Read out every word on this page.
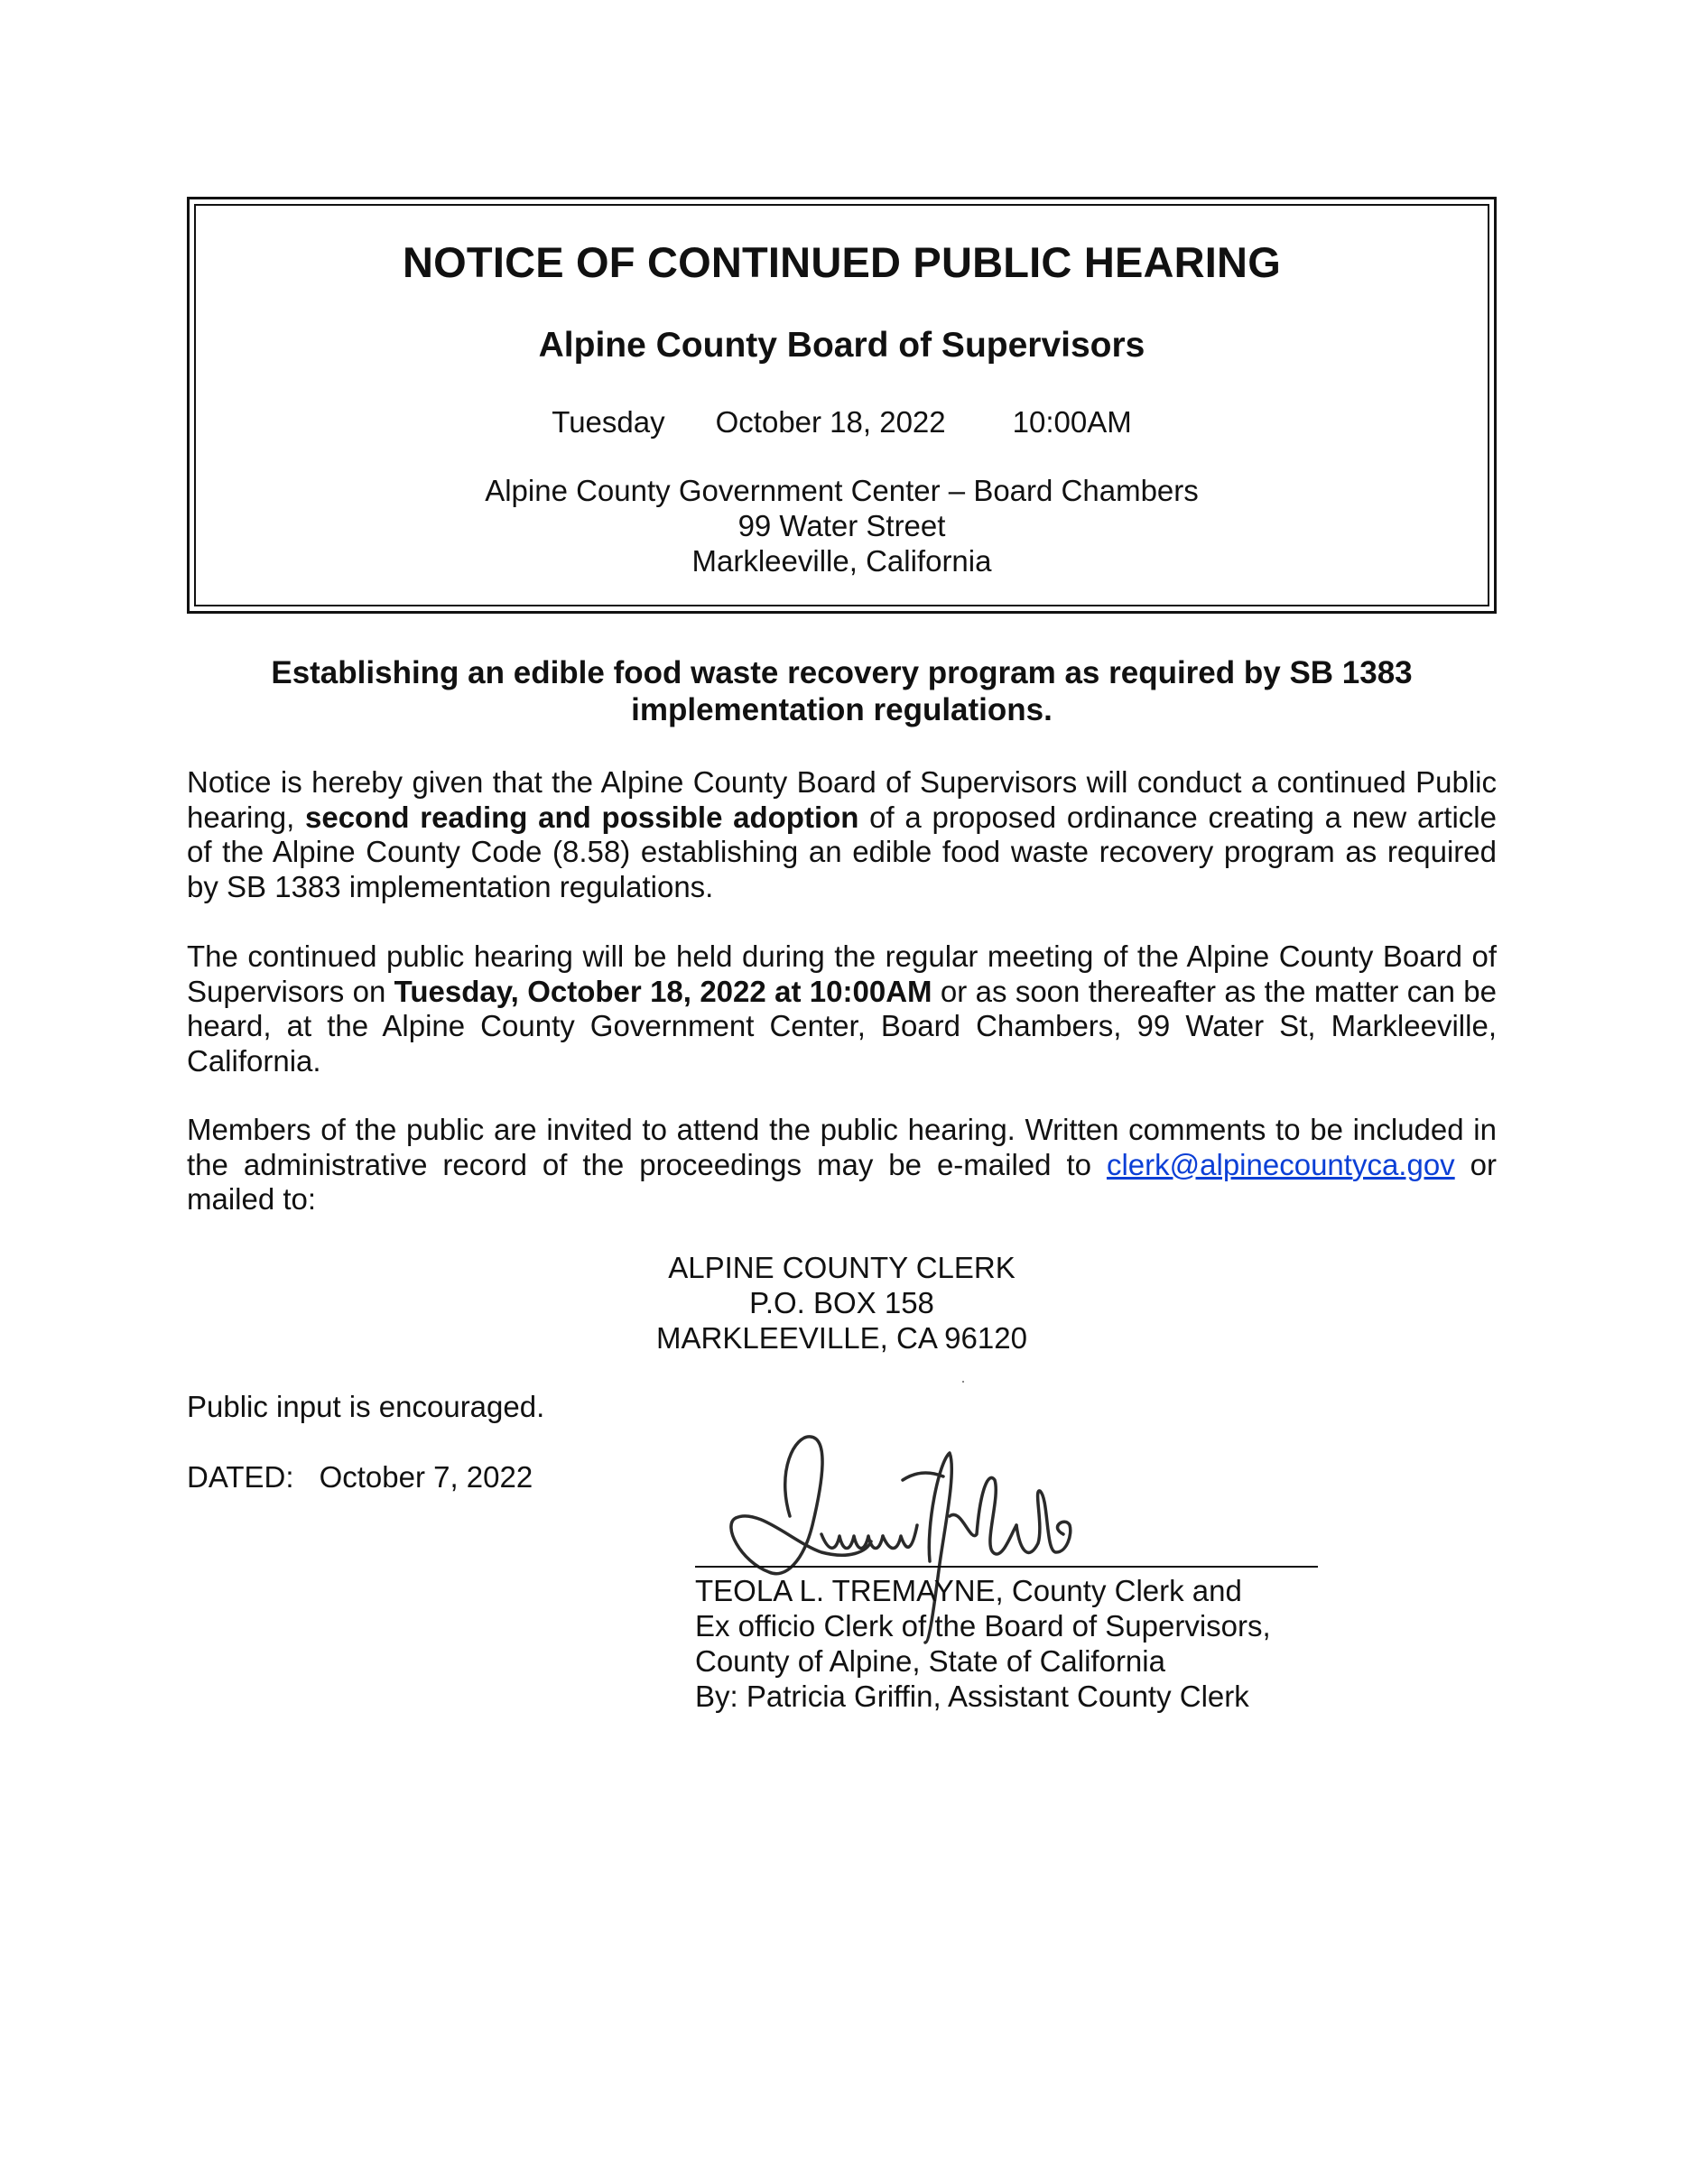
NOTICE OF CONTINUED PUBLIC HEARING
Alpine County Board of Supervisors
Tuesday October 18, 2022 10:00AM
Alpine County Government Center – Board Chambers
99 Water Street
Markleeville, California
Establishing an edible food waste recovery program as required by SB 1383
implementation regulations.
Notice is hereby given that the Alpine County Board of Supervisors will conduct a continued Public hearing, second reading and possible adoption of a proposed ordinance creating a new article of the Alpine County Code (8.58) establishing an edible food waste recovery program as required by SB 1383 implementation regulations.
The continued public hearing will be held during the regular meeting of the Alpine County Board of Supervisors on Tuesday, October 18, 2022 at 10:00AM or as soon thereafter as the matter can be heard, at the Alpine County Government Center, Board Chambers, 99 Water St, Markleeville, California.
Members of the public are invited to attend the public hearing. Written comments to be included in the administrative record of the proceedings may be e-mailed to clerk@alpinecountyca.gov or mailed to:
ALPINE COUNTY CLERK
P.O. BOX 158
MARKLEEVILLE, CA 96120
Public input is encouraged.
DATED: October 7, 2022
TEOLA L. TREMAYNE, County Clerk and
Ex officio Clerk of the Board of Supervisors,
County of Alpine, State of California
By: Patricia Griffin, Assistant County Clerk
